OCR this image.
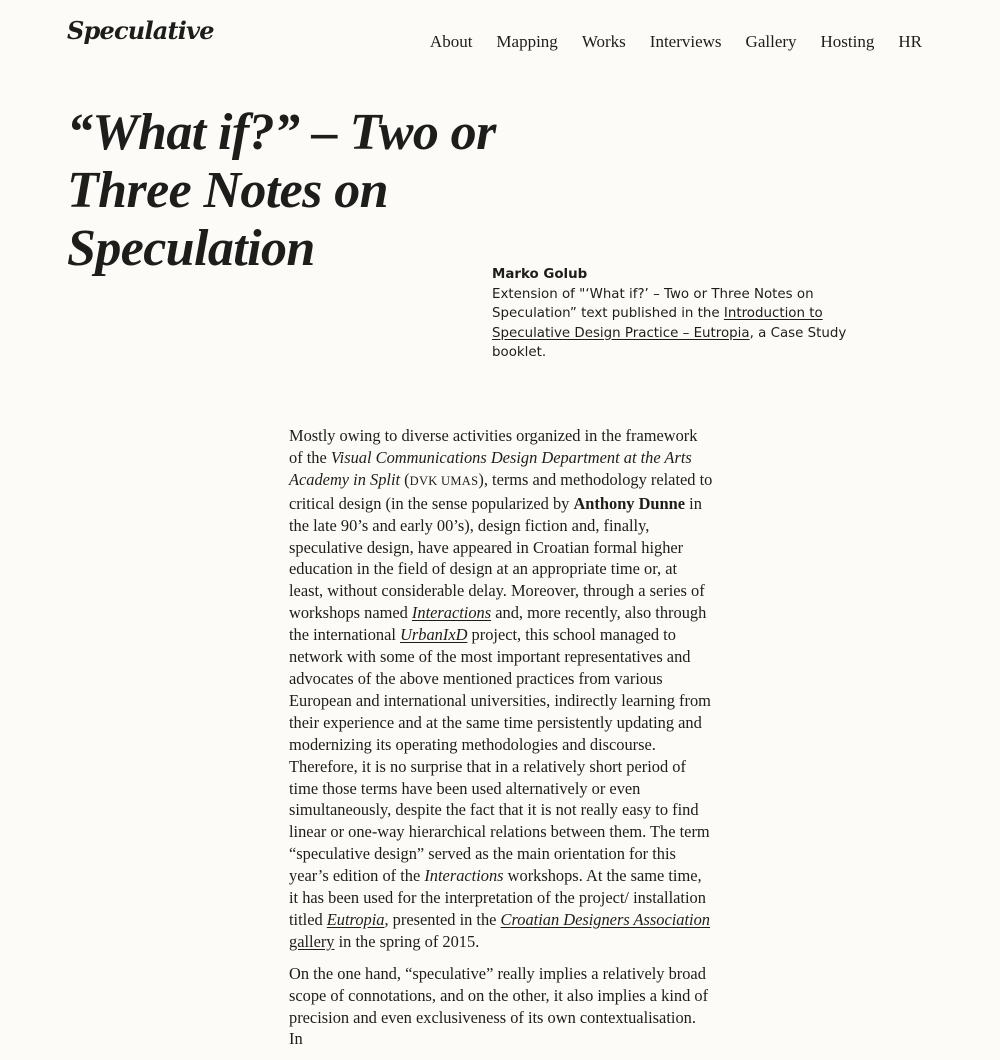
Speculative	About Mapping Works Interviews Gallery Hosting HR
“What if?” – Two or Three Notes on Speculation	Marko Golub
Extension of "‘What if?’ – Two or Three Notes on Speculation” text published in the Introduction to Speculative Design Practice – Eutropia, a Case Study booklet.

Mostly owing to diverse activities organized in the framework of the Visual Communications Design Department at the Arts Academy in Split (DVK UMAS), terms and methodology related to critical design (in the sense popularized by Anthony Dunne in the late 90’s and early 00’s), design fiction and, finally, speculative design, have appeared in Croatian formal higher education in the field of design at an appropriate time or, at least, without considerable delay. Moreover, through a series of workshops named Interactions and, more recently, also through the international UrbanIxD project, this school managed to network with some of the most important representatives and advocates of the above mentioned practices from various European and international universities, indirectly learning from their experience and at the same time persistently updating and modernizing its operating methodologies and discourse. Therefore, it is no surprise that in a relatively short period of time those terms have been used alternatively or even simultaneously, despite the fact that it is not really easy to find linear or one-way hierarchical relations between them. The term “speculative design” served as the main orientation for this year’s edition of the Interactions workshops. At the same time, it has been used for the interpretation of the project/ installation titled Eutropia, presented in the Croatian Designers Association gallery in the spring of 2015.

On the one hand, “speculative” really implies a relatively broad scope of connotations, and on the other, it also implies a kind of precision and even exclusiveness of its own contextualisation. In
